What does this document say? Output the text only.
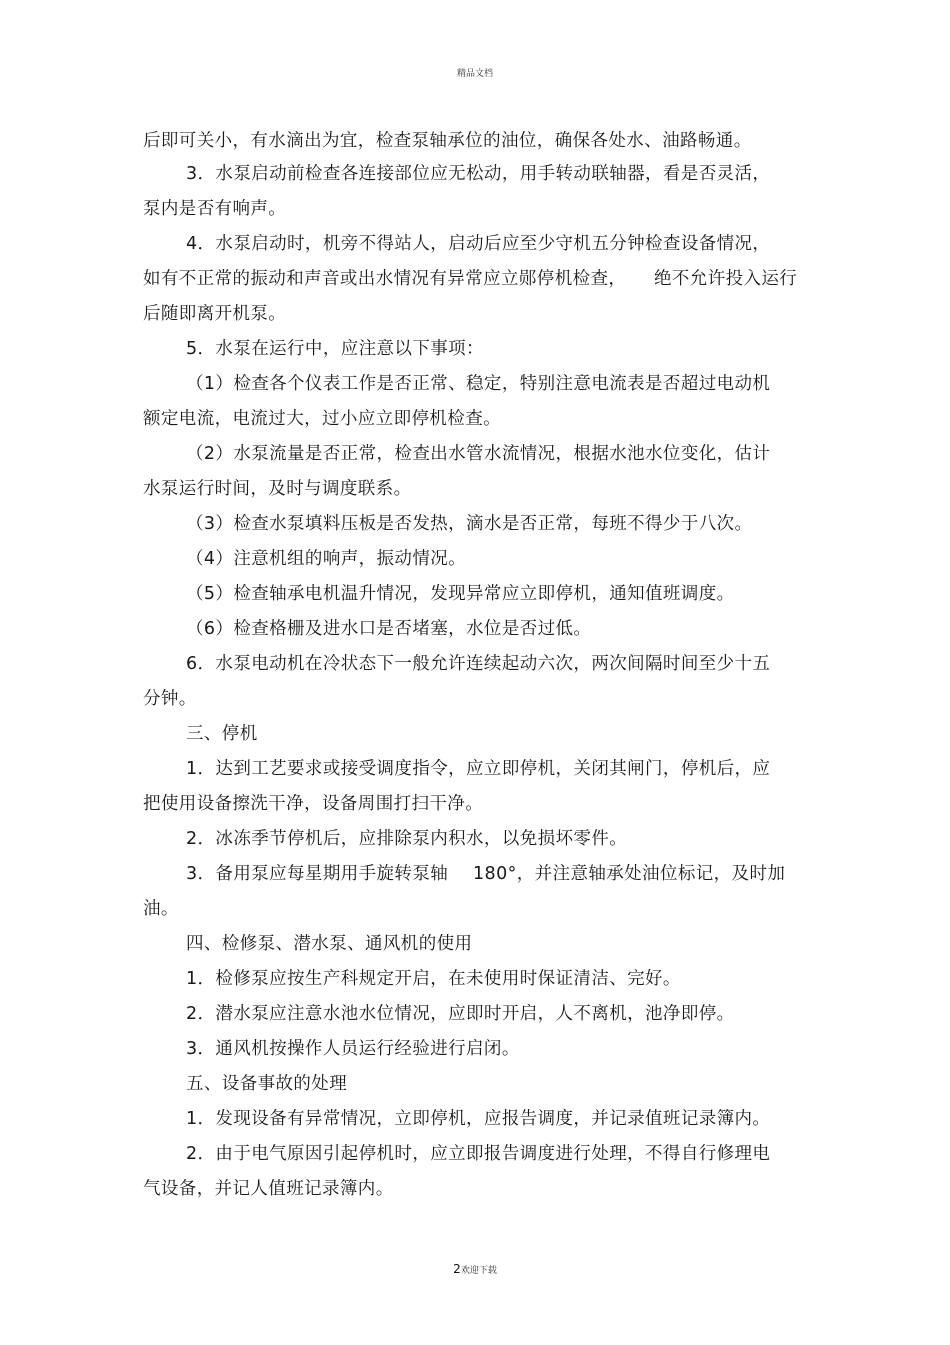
精品文档
后即可关小，有水滴出为宜，检查泵轴承位的油位，确保各处水、油路畅通。
3．水泵启动前检查各连接部位应无松动，用手转动联轴器，看是否灵活，
泵内是否有响声。
4．水泵启动时，机旁不得站人，启动后应至少守机五分钟检查设备情况，
如有不正常的振动和声音或出水情况有异常应立郧停机检查， 绝不允许投入运行
后随即离开机泵。
5．水泵在运行中，应注意以下事项：
（1）检查各个仪表工作是否正常、稳定，特别注意电流表是否超过电动机
额定电流，电流过大，过小应立即停机检查。
（2）水泵流量是否正常，检查出水管水流情况，根据水池水位变化，估计
水泵运行时间，及时与调度联系。
（3）检查水泵填料压板是否发热，滴水是否正常，每班不得少于八次。
（4）注意机组的响声，振动情况。
（5）检查轴承电机温升情况，发现异常应立即停机，通知值班调度。
（6）检查格栅及进水口是否堵塞，水位是否过低。
6．水泵电动机在冷状态下一般允许连续起动六次，两次间隔时间至少十五
分钟。
三、停机
1．达到工艺要求或接受调度指令，应立即停机，关闭其闸门，停机后，应
把使用设备擦洗干净，设备周围打扫干净。
2．冰冻季节停机后，应排除泵内积水，以免损坏零件。
3．备用泵应每星期用手旋转泵轴 180°，并注意轴承处油位标记，及时加
油。
四、检修泵、潜水泵、通风机的使用
1．检修泵应按生产科规定开启，在未使用时保证清洁、完好。
2．潜水泵应注意水池水位情况，应即时开启，人不离机，池净即停。
3．通风机按操作人员运行经验进行启闭。
五、设备事故的处理
1．发现设备有异常情况，立即停机，应报告调度，并记录值班记录簿内。
2．由于电气原因引起停机时，应立即报告调度进行处理，不得自行修理电
气设备，并记人值班记录簿内。
2欢迎下载
